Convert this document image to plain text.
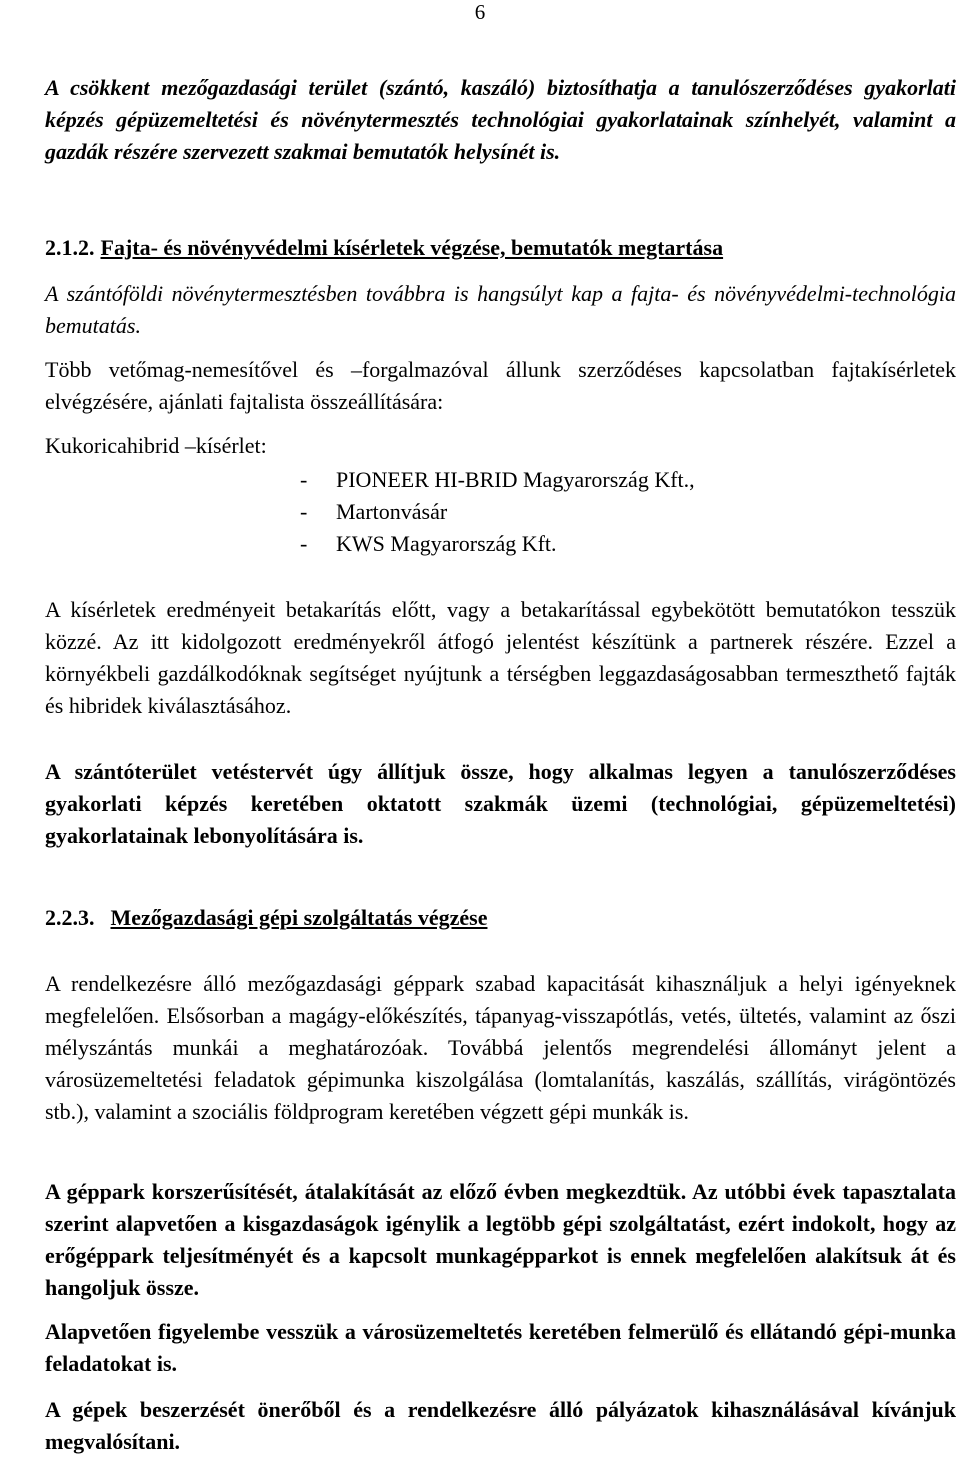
6

A csökkent mezőgazdasági terület (szántó, kaszáló) biztosíthatja a tanulószerződéses gyakorlati képzés gépüzemeltetési és növénytermesztés technológiai gyakorlatainak színhelyét, valamint a gazdák részére szervezett szakmai bemutatók helysínét is.

2.1.2. Fajta- és növényvédelmi kísérletek végzése, bemutatók megtartása

A szántóföldi növénytermesztésben továbbra is hangsúlyt kap a fajta- és növényvédelmi-technológia bemutatás.

Több vetőmag-nemesítővel és –forgalmazóval állunk szerződéses kapcsolatban fajtakísérletek elvégzésére, ajánlati fajtalista összeállítására:

Kukoricahibrid –kísérlet:

- PIONEER HI-BRID Magyarország Kft.,
- Martonvásár
- KWS Magyarország Kft.

A kísérletek eredményeit betakarítás előtt, vagy a betakarítással egybekötött bemutatókon tesszük közzé. Az itt kidolgozott eredményekről átfogó jelentést készítünk a partnerek részére. Ezzel a környékbeli gazdálkodóknak segítséget nyújtunk a térségben leggazdaságosabban termeszthető fajták és hibridek kiválasztásához.

A szántóterület vetéstervét úgy állítjuk össze, hogy alkalmas legyen a tanulószerződéses gyakorlati képzés keretében oktatott szakmák üzemi (technológiai, gépüzemeltetési) gyakorlatainak lebonyolítására is.

2.2.3. Mezőgazdasági gépi szolgáltatás végzése

A rendelkezésre álló mezőgazdasági géppark szabad kapacitását kihasználjuk a helyi igényeknek megfelelően. Elsősorban a magágy-előkészítés, tápanyag-visszapótlás, vetés, ültetés, valamint az őszi mélyszántás munkái a meghatározóak. Továbbá jelentős megrendelési állományt jelent a városüzemeltetési feladatok gépimunka kiszolgálása (lomtalanítás, kaszálás, szállítás, virágöntözés stb.), valamint a szociális földprogram keretében végzett gépi munkák is.

A géppark korszerűsítését, átalakítását az előző évben megkezdtük. Az utóbbi évek tapasztalata szerint alapvetően a kisgazdaságok igénylik a legtöbb gépi szolgáltatást, ezért indokolt, hogy az erőgéppark teljesítményét és a kapcsolt munkagépparkot is ennek megfelelően alakítsuk át és hangoljuk össze.

Alapvetően figyelembe vesszük a városüzemeltetés keretében felmerülő és ellátandó gépi-munka feladatokat is.

A gépek beszerzését önerőből és a rendelkezésre álló pályázatok kihasználásával kívánjuk megvalósítani.
